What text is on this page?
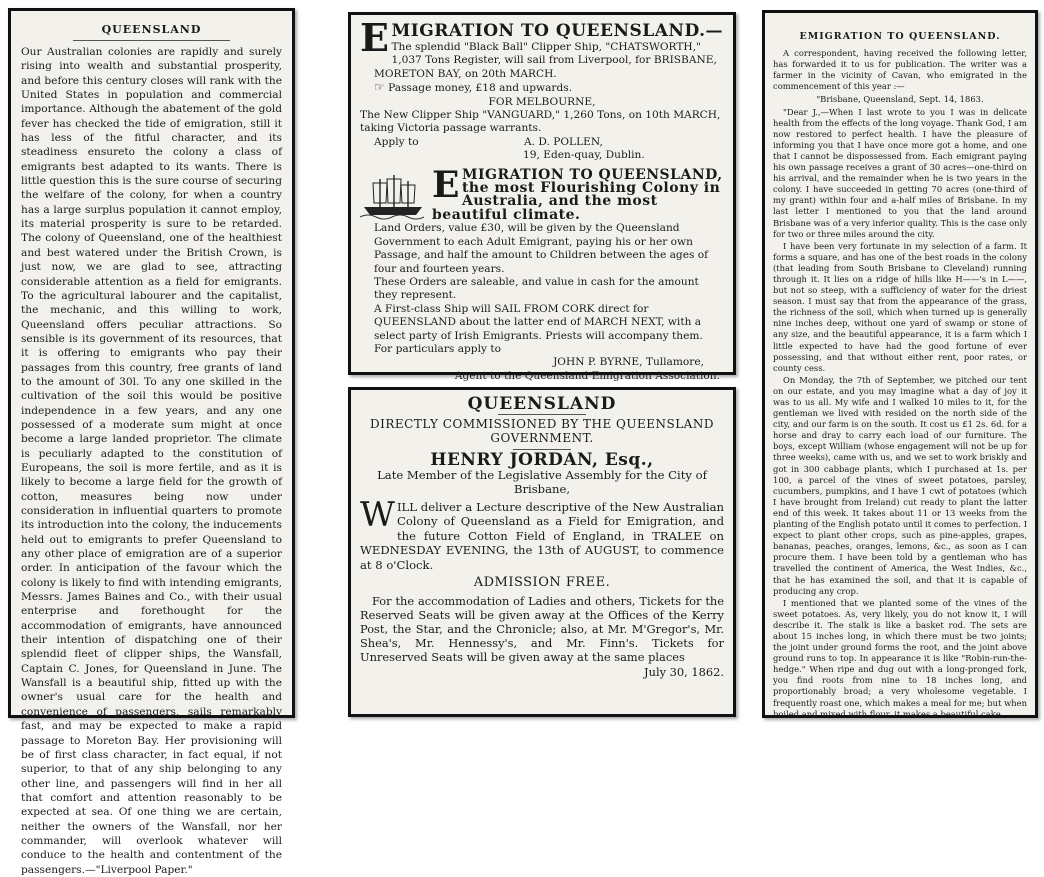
QUEENSLAND

Our Australian colonies are rapidly and surely rising into wealth and substantial prosperity, and before this century closes will rank with the United States in population and commercial importance. Although the abatement of the gold fever has checked the tide of emigration, still it has less of the fitful character, and its steadiness ensureto the colony a class of emigrants best adapted to its wants. There is little question this is the sure course of securing the welfare of the colony, for when a country has a large surplus population it cannot employ, its material prosperity is sure to be retarded. The colony of Queensland, one of the healthiest and best watered under the British Crown, is just now, we are glad to see, attracting considerable attention as a field for emigrants. To the agricultural labourer and the capitalist, the mechanic, and this willing to work, Queensland offers peculiar attractions. So sensible is its government of its resources, that it is offering to emigrants who pay their passages from this country, free grants of land to the amount of 30l. To any one skilled in the cultivation of the soil this would be positive independence in a few years, and any one possessed of a moderate sum might at once become a large landed proprietor. The climate is peculiarly adapted to the constitution of Europeans, the soil is more fertile, and as it is likely to become a large field for the growth of cotton, measures being now under consideration in influential quarters to promote its introduction into the colony, the inducements held out to emigrants to prefer Queensland to any other place of emigration are of a superior order. In anticipation of the favour which the colony is likely to find with intending emigrants, Messrs. James Baines and Co., with their usual enterprise and forethought for the accommodation of emigrants, have announced their intention of dispatching one of their splendid fleet of clipper ships, the Wansfall, Captain C. Jones, for Queensland in June. The Wansfall is a beautiful ship, fitted up with the owner's usual care for the health and convenience of passengers, sails remarkably fast, and may be expected to make a rapid passage to Moreton Bay. Her provisioning will be of first class character, in fact equal, if not superior, to that of any ship belonging to any other line, and passengers will find in her all that comfort and attention reasonably to be expected at sea. Of one thing we are certain, neither the owners of the Wansfall, nor her commander, will overlook whatever will conduce to the health and contentment of the passengers.—"Liverpool Paper."

E MIGRATION TO QUEENSLAND.—

The splendid "Black Ball" Clipper Ship, "CHATSWORTH," 1,037 Tons Register, will sail from Liverpool, for BRISBANE, MORETON BAY, on 20th MARCH.

☞ Passage money, £18 and upwards.

FOR MELBOURNE,

The New Clipper Ship "VANGUARD," 1,260 Tons, on 10th MARCH, taking Victoria passage warrants.

Apply to	A. D. POLLEN,

19, Eden-quay, Dublin.

E MIGRATION TO QUEENSLAND, the most Flourishing Colony in Australia, and the most beautiful climate.

Land Orders, value £30, will be given by the Queensland Government to each Adult Emigrant, paying his or her own Passage, and half the amount to Children between the ages of four and fourteen years.

These Orders are saleable, and value in cash for the amount they represent.

A First-class Ship will SAIL FROM CORK direct for QUEENSLAND about the latter end of MARCH NEXT, with a select party of Irish Emigrants. Priests will accompany them. For particulars apply to

JOHN P. BYRNE, Tullamore,

Agent to the Queensland Emigration Association.

QUEENSLAND

DIRECTLY COMMISSIONED BY THE QUEENSLAND GOVERNMENT.

HENRY JORDAN, Esq.,

Late Member of the Legislative Assembly for the City of Brisbane,

W ILL deliver a Lecture descriptive of the New Australian Colony of Queensland as a Field for Emigration, and the future Cotton Field of England, in TRALEE on WEDNESDAY EVENING, the 13th of AUGUST, to commence at 8 o'Clock.

ADMISSION FREE.

For the accommodation of Ladies and others, Tickets for the Reserved Seats will be given away at the Offices of the Kerry Post, the Star, and the Chronicle; also, at Mr. M'Gregor's, Mr. Shea's, Mr. Hennessy's, and Mr. Finn's. Tickets for Unreserved Seats will be given away at the same places
July 30, 1862.

EMIGRATION TO QUEENSLAND.

A correspondent, having received the following letter, has forwarded it to us for publication. The writer was a farmer in the vicinity of Cavan, who emigrated in the commencement of this year :—

"Brisbane, Queensland, Sept. 14, 1863.

"Dear J.,—When I last wrote to you I was in delicate health from the effects of the long voyage. Thank God, I am now restored to perfect health. I have the pleasure of informing you that I have once more got a home, and one that I cannot be dispossessed from. Each emigrant paying his own passage receives a grant of 30 acres—one-third on his arrival, and the remainder when he is two years in the colony. I have succeeded in getting 70 acres (one-third of my grant) within four and a-half miles of Brisbane. In my last letter I mentioned to you that the land around Brisbane was of a very inferior quality. This is the case only for two or three miles around the city.

I have been very fortunate in my selection of a farm. It forms a square, and has one of the best roads in the colony (that leading from South Brisbane to Cleveland) running through it. It lies on a ridge of hills like H——'s in L——, but not so steep, with a sufficiency of water for the driest season. I must say that from the appearance of the grass, the richness of the soil, which when turned up is generally nine inches deep, without one yard of swamp or stone of any size, and the beautiful appearance, it is a farm which I little expected to have had the good fortune of ever possessing, and that without either rent, poor rates, or county cess.

On Monday, the 7th of September, we pitched our tent on our estate, and you may imagine what a day of joy it was to us all. My wife and I walked 10 miles to it, for the gentleman we lived with resided on the north side of the city, and our farm is on the south. It cost us £1 2s. 6d. for a horse and dray to carry each load of our furniture. The boys, except William (whose engagement will not be up for three weeks), came with us, and we set to work briskly and got in 300 cabbage plants, which I purchased at 1s. per 100, a parcel of the vines of sweet potatoes, parsley, cucumbers, pumpkins, and I have 1 cwt of potatoes (which I have brought from Ireland) cut ready to plant the latter end of this week. It takes about 11 or 13 weeks from the planting of the English potato until it comes to perfection. I expect to plant other crops, such as pine-apples, grapes, bananas, peaches, oranges, lemons, &c., as soon as I can procure them. I have been told by a gentleman who has travelled the continent of America, the West Indies, &c., that he has examined the soil, and that it is capable of producing any crop.

I mentioned that we planted some of the vines of the sweet potatoes. As, very likely, you do not know it, I will describe it. The stalk is like a basket rod. The sets are about 15 inches long, in which there must be two joints; the joint under ground forms the root, and the joint above ground runs to top. In appearance it is like "Robin-run-the-hedge." When ripe and dug out with a long-pronged fork, you find roots from nine to 18 inches long, and proportionably broad; a very wholesome vegetable. I frequently roast one, which makes a meal for me; but when boiled and mixed with flour, it makes a beautiful cake.
